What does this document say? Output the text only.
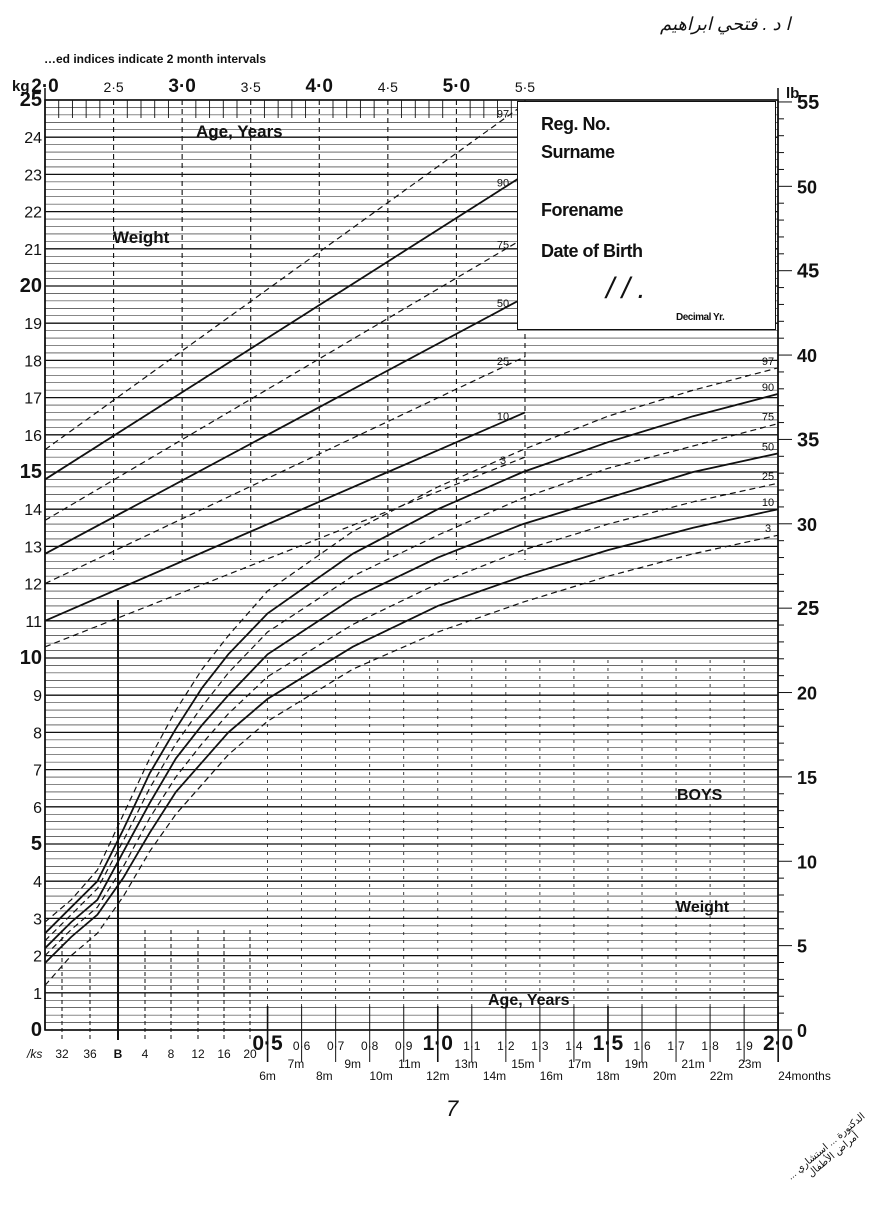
…ed indices indicate 2 month intervals
ا د . فتحي ابراهيم
7
الدكتورة ... استشاري ... أمراض الأطفال
2·0	2·5 3·0	3·5 4·0	4·5 5·0	5·5
Age, Years
Weight
97
90
75
50
25
10
3
0·5 0·6 0·7 0·8 0·9 1·0 1·1 1·2 1·3 1·4 1·5 1·6 1·7 1·8 1·9 2·0
6m
7m
8m
9m
10m
11m
12m
13m
14m
15m
16m
17m
18m
19m
20m
21m
22m
23m
24months
/ks 32 36 B 4 8 12 16 20
97
90
75
50
25
10
3
BOYS
Weight
Age, Years
kg	lb
0
1
2
3
4
5
6
7
8
9
10
11
12
13
14
15
16
17
18
19
20
21
22
23
24
25
0
5
10
15
20
25
30
35
40
45
50
55
Reg. No.
Surname
Forename
Date of Birth
/ / .
Decimal Yr.
